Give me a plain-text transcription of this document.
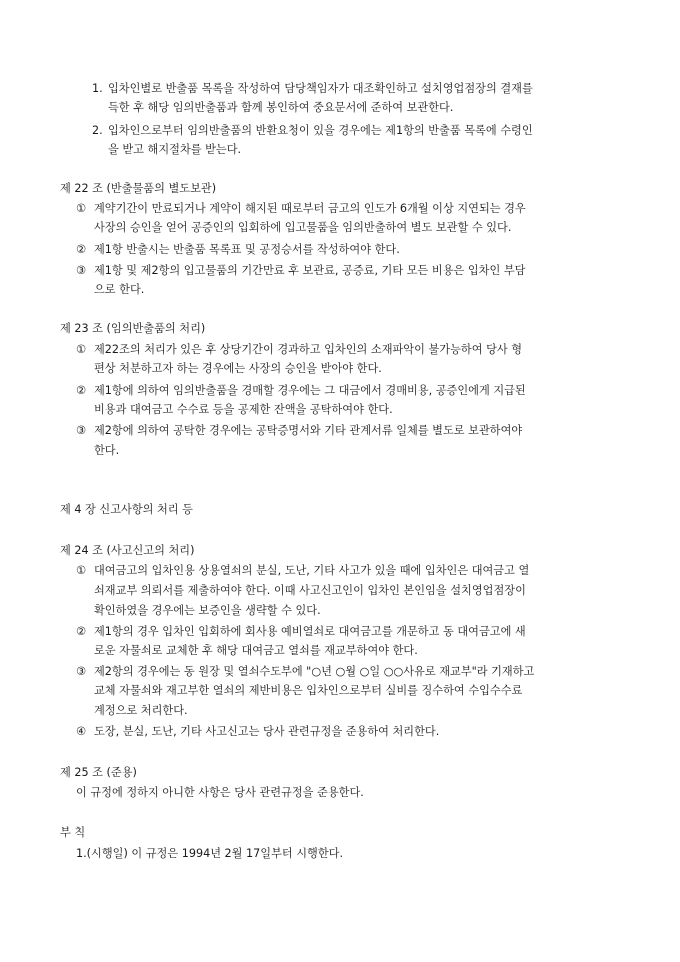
1. 입차인별로 반출품 목록을 작성하여 담당책임자가 대조확인하고 설치영업점장의 결재를
득한 후 해당 임의반출품과 함께 봉인하여 중요문서에 준하여 보관한다.
2. 입차인으로부터 임의반출품의 반환요청이 있을 경우에는 제1항의 반출품 목록에 수령인
을 받고 해지절차를 받는다.
제 22 조 (반출물품의 별도보관)
① 계약기간이 만료되거나 계약이 해지된 때로부터 금고의 인도가 6개월 이상 지연되는 경우
사장의 승인을 얻어 공증인의 입회하에 입고물품을 임의반출하여 별도 보관할 수 있다.
② 제1항 반출시는 반출품 목록표 및 공정승서를 작성하여야 한다.
③ 제1항 및 제2항의 입고물품의 기간만료 후 보관료, 공증료, 기타 모든 비용은 입차인 부담
으로 한다.
제 23 조 (임의반출품의 처리)
① 제22조의 처리가 있은 후 상당기간이 경과하고 입차인의 소재파악이 불가능하여 당사 형
편상 처분하고자 하는 경우에는 사장의 승인을 받아야 한다.
② 제1항에 의하여 임의반출품을 경매할 경우에는 그 대금에서 경매비용, 공증인에게 지급된
비용과 대여금고 수수료 등을 공제한 잔액을 공탁하여야 한다.
③ 제2항에 의하여 공탁한 경우에는 공탁증명서와 기타 관계서류 일체를 별도로 보관하여야
한다.
제 4 장 신고사항의 처리 등
제 24 조 (사고신고의 처리)
① 대여금고의 입차인용 상용열쇠의 분실, 도난, 기타 사고가 있을 때에 입차인은 대여금고 열
쇠재교부 의뢰서를 제출하여야 한다. 이때 사고신고인이 입차인 본인임을 설치영업점장이
확인하였을 경우에는 보증인을 생략할 수 있다.
② 제1항의 경우 입차인 입회하에 회사용 예비열쇠로 대여금고를 개문하고 동 대여금고에 새
로운 자물쇠로 교체한 후 해당 대여금고 열쇠를 재교부하여야 한다.
③ 제2항의 경우에는 동 원장 및 열쇠수도부에 "○년 ○월 ○일 ○○사유로 재교부"라 기재하고
교체 자물쇠와 재고부한 열쇠의 제반비용은 입차인으로부터 실비를 징수하여 수입수수료
계정으로 처리한다.
④ 도장, 분실, 도난, 기타 사고신고는 당사 관련규정을 준용하여 처리한다.
제 25 조 (준용)
이 규정에 정하지 아니한 사항은 당사 관련규정을 준용한다.
부 칙
1.(시행일) 이 규정은 1994년 2월 17일부터 시행한다.
